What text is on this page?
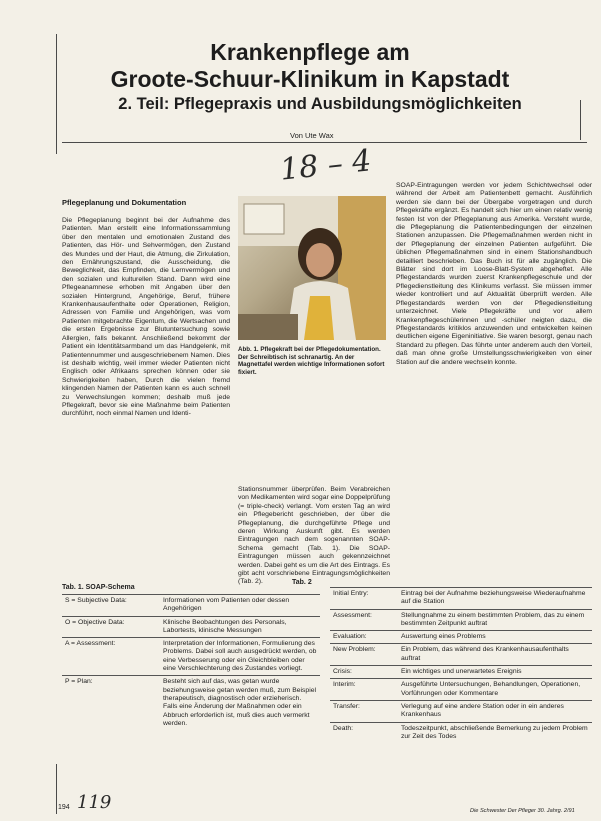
Krankenpflege am
Groote-Schuur-Klinikum in Kapstadt
2. Teil: Pflegepraxis und Ausbildungsmöglichkeiten
Von Ute Wax
18 – 4
Pflegeplanung und Dokumentation
Die Pflegeplanung beginnt bei der Aufnahme des Patienten. Man erstellt eine Informationssammlung über den mentalen und emotionalen Zustand des Patienten, das Hör- und Sehvermögen, den Zustand des Mundes und der Haut, die Atmung, die Zirkulation, den Ernährungszustand, die Ausscheidung, die Beweglichkeit, das Empfinden, die Lernvermögen und den sozialen und kulturellen Stand. Dann wird eine Pflegeanamnese erhoben mit Angaben über den sozialen Hintergrund, Angehörige, Beruf, frühere Krankenhausaufenthalte oder Operationen, Religion, Adressen von Familie und Angehörigen, was vom Patienten mitgebrachte Eigentum, die Wertsachen und die ersten Ergebnisse zur Blutuntersuchung sowie Allergien, falls bekannt. Anschließend bekommt der Patient ein Identitätsarmband um das Handgelenk, mit Patientennummer und ausgeschriebenem Namen. Dies ist deshalb wichtig, weil immer wieder Patienten nicht Englisch oder Afrikaans sprechen können oder sie Schwierigkeiten haben, Durch die vielen fremd klingenden Namen der Patienten kann es auch schnell zu Verwechslungen kommen; deshalb muß jede Pflegekraft, bevor sie eine Maßnahme beim Patienten durchführt, noch einmal Namen und Identi-
Abb. 1. Pflegekraft bei der Pflegedokumentation. Der Schreibtisch ist schranartig. An der Magnettafel werden wichtige Informationen sofort fixiert.
Stationsnummer überprüfen. Beim Verabreichen von Medikamenten wird sogar eine Doppelprüfung (= triple-check) verlangt. Vom ersten Tag an wird ein Pflegebericht geschrieben, der über die Pflegeplanung, die durchgeführte Pflege und deren Wirkung Auskunft gibt. Es werden Eintragungen nach dem sogenannten SOAP-Schema gemacht (Tab. 1). Die SOAP-Eintragungen müssen auch gekennzeichnet werden. Dabei geht es um die Art des Eintrags. Es gibt acht vorschriebene Eintragungsmöglichkeiten (Tab. 2).
SOAP-Eintragungen werden vor jedem Schichtwechsel oder während der Arbeit am Patientenbett gemacht. Ausführlich werden sie dann bei der Übergabe vorgetragen und durch Pflegekräfte ergänzt. Es handelt sich hier um einen relativ wenig festen Ist von der Pflegeplanung aus Amerika. Versteht wurde, die Pflegeplanung die Patientenbedingungen der einzelnen Stationen anzupassen. Die Pflegemaßnahmen werden nicht in der Pflegeplanung der einzelnen Patienten aufgeführt. Die üblichen Pflegemaßnahmen sind in einem Stationshandbuch detailliert beschrieben. Das Buch ist für alle zugänglich. Die Blätter sind dort im Loose-Blatt-System abgeheftet. Alle Pflegestandards wurden zuerst Krankenpflegeschule und der Pflegedienstleitung des Klinikums verfasst. Sie müssen immer wieder kontrolliert und auf Aktualität überprüft werden. Alle Pflegestandards werden von der Pflegedienstleitung unterzeichnet. Viele Pflegekräfte und vor allem Krankenpflegeschülerinnen und -schüler neigten dazu, die Pflegestandards kritiklos anzuwenden und entwickelten keinen deutlichen eigene Eigeninitiative. Sie waren besorgt, genau nach Standard zu pflegen. Das führte unter anderem auch den Vorteil, daß man ohne große Umstellungsschwierigkeiten von einer Station auf die andere wechseln konnte.
Tab. 1. SOAP-Schema
S = Subjective Data:	Informationen vom Patienten oder dessen Angehörigen
O = Objective Data:	Klinische Beobachtungen des Personals, Labortests, klinische Messungen
A = Assessment:	Interpretation der Informationen, Formulierung des Problems. Dabei soll auch ausgedrückt werden, ob eine Verbesserung oder ein Gleichbleiben oder eine Verschlechterung des Zustandes vorliegt.
P = Plan:	Besteht sich auf das, was getan wurde beziehungsweise getan werden muß, zum Beispiel therapeutisch, diagnostisch oder erzieherisch. Falls eine Änderung der Maßnahmen oder ein Abbruch erforderlich ist, muß dies auch vermerkt werden.
Tab. 2
Initial Entry:	Eintrag bei der Aufnahme beziehungsweise Wiederaufnahme auf die Station
Assessment:	Stellungnahme zu einem bestimmten Problem, das zu einem bestimmten Zeitpunkt auftrat
Evaluation:	Auswertung eines Problems
New Problem:	Ein Problem, das während des Krankenhausaufenthalts auftrat
Crisis:	Ein wichtiges und unerwartetes Ereignis
Interim:	Ausgeführte Untersuchungen, Behandlungen, Operationen, Vorführungen oder Kommentare
Transfer:	Verlegung auf eine andere Station oder in ein anderes Krankenhaus
Death:	Todeszeitpunkt, abschließende Bemerkung zu jedem Problem zur Zeit des Todes
194 119	Die Schwester Der Pfleger 30. Jahrg. 2/91
